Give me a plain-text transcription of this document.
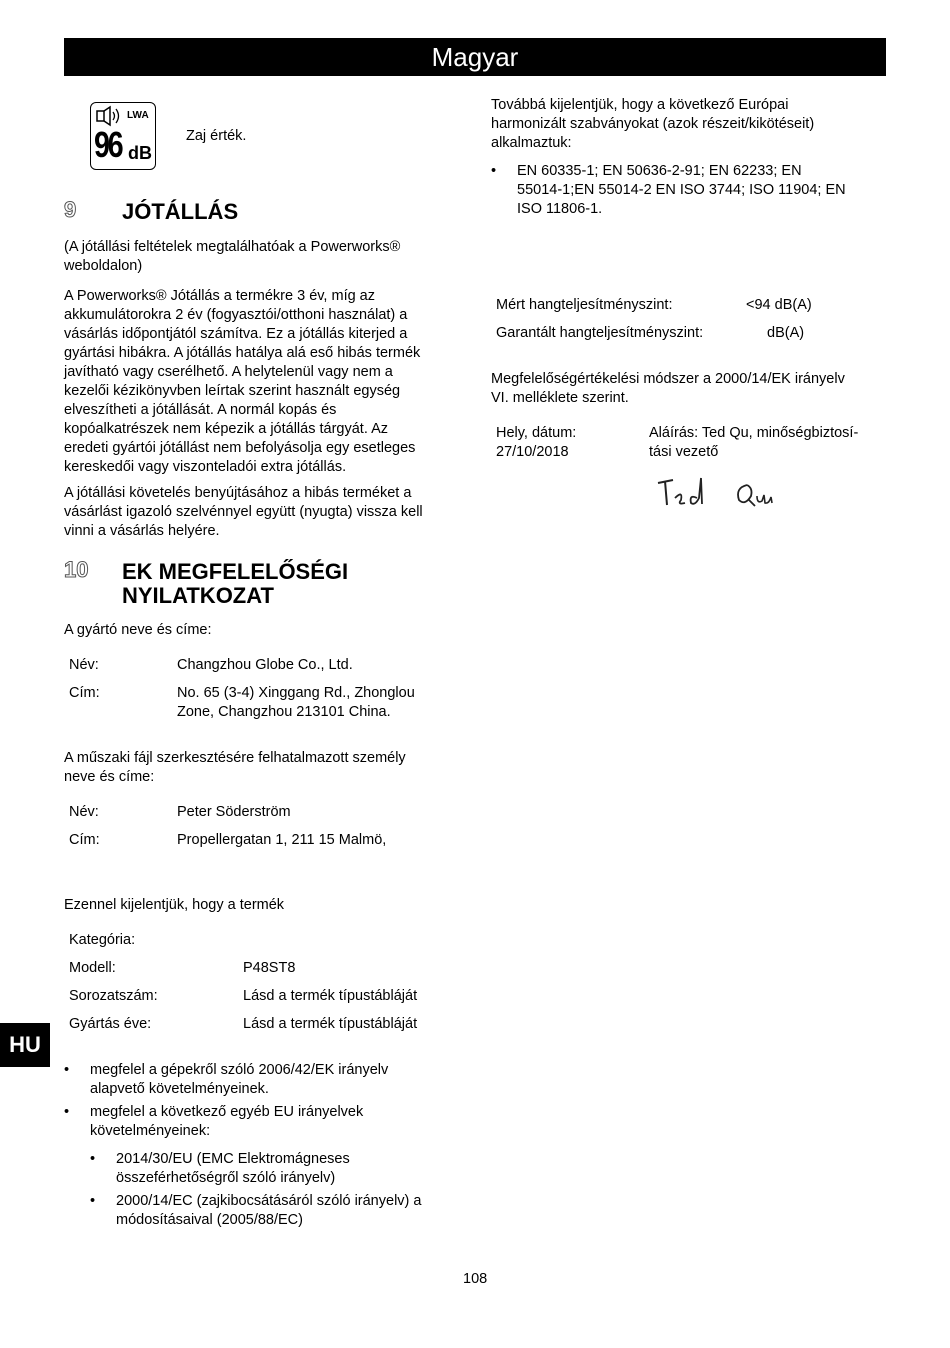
Magyar
LWA
96 dB
Zaj érték.
9 JÓTÁLLÁS
(A jótállási feltételek megtalálhatóak a Powerworks®
weboldalon)
A Powerworks® Jótállás a termékre 3 év, míg az
akkumulátorokra 2 év (fogyasztói/otthoni használat) a
vásárlás időpontjától számítva. Ez a jótállás kiterjed a
gyártási hibákra. A jótállás hatálya alá eső hibás termék
javítható vagy cserélhető. A helytelenül vagy nem a
kezelői kézikönyvben leírtak szerint használt egység
elveszítheti a jótállását. A normál kopás és
kopóalkatrészek nem képezik a jótállás tárgyát. Az
eredeti gyártói jótállást nem befolyásolja egy esetleges
kereskedői vagy viszonteladói extra jótállás.
A jótállási követelés benyújtásához a hibás terméket a
vásárlást igazoló szelvénnyel együtt (nyugta) vissza kell
vinni a vásárlás helyére.
10 EK MEGFELELŐSÉGI
NYILATKOZAT
A gyártó neve és címe:
Név:	Changzhou Globe Co., Ltd.
Cím:	No. 65 (3-4) Xinggang Rd., Zhonglou
Zone, Changzhou 213101 China.
A műszaki fájl szerkesztésére felhatalmazott személy
neve és címe:
Név:	Peter Söderström
Cím:	Propellergatan 1, 211 15 Malmö,
Ezennel kijelentjük, hogy a termék
Kategória:
Modell:	P48ST8
Sorozatszám:	Lásd a termék típustábláját
Gyártás éve:	Lásd a termék típustábláját
• megfelel a gépekről szóló 2006/42/EK irányelv
alapvető követelményeinek.
• megfelel a következő egyéb EU irányelvek
követelményeinek:
• 2014/30/EU (EMC Elektromágneses
összeférhetőségről szóló irányelv)
• 2000/14/EC (zajkibocsátásáról szóló irányelv) a
módosításaival (2005/88/EC)
Továbbá kijelentjük, hogy a következő Európai
harmonizált szabványokat (azok részeit/kikötéseit)
alkalmaztuk:
• EN 60335-1; EN 50636-2-91; EN 62233; EN
55014-1;EN 55014-2 EN ISO 3744; ISO 11904; EN
ISO 11806-1.
Mért hangteljesítményszint:	<94 dB(A)
Garantált hangteljesítményszint:	dB(A)
Megfelelőségértékelési módszer a 2000/14/EK irányelv
VI. melléklete szerint.
Hely, dátum:
27/10/2018
Aláírás: Ted Qu, minőségbiztosí-
tási vezető
HU
108
